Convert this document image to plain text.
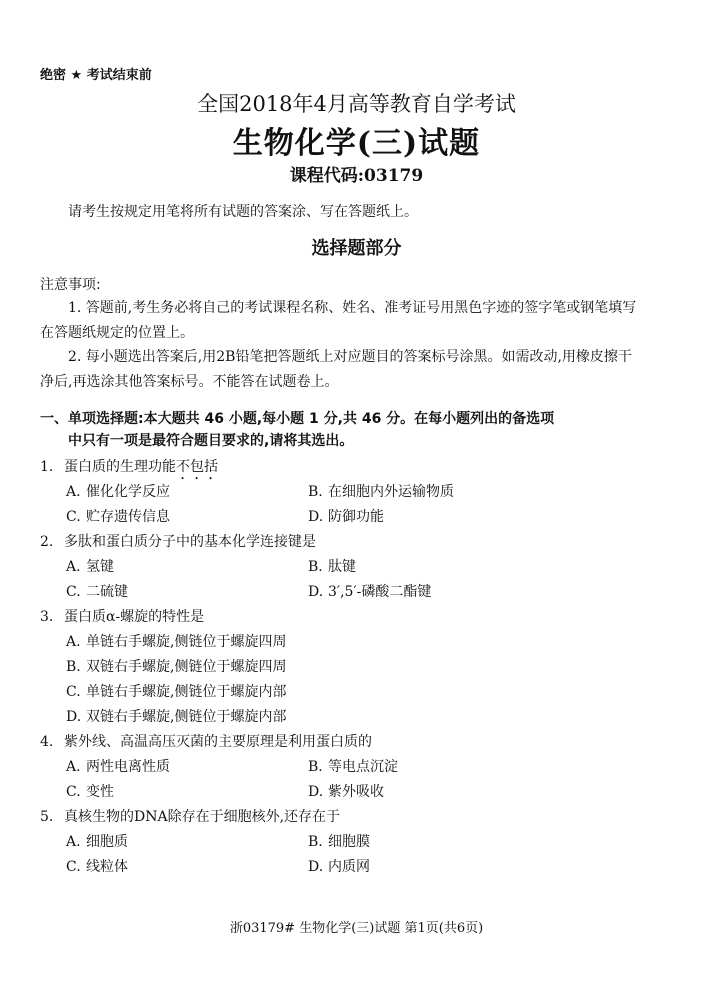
绝密 ★ 考试结束前
全国2018年4月高等教育自学考试
生物化学(三)试题
课程代码:03179
请考生按规定用笔将所有试题的答案涂、写在答题纸上。
选择题部分
注意事项:
1. 答题前,考生务必将自己的考试课程名称、姓名、准考证号用黑色字迹的签字笔或钢笔填写在答题纸规定的位置上。
2. 每小题选出答案后,用2B铅笔把答题纸上对应题目的答案标号涂黑。如需改动,用橡皮擦干净后,再选涂其他答案标号。不能答在试题卷上。
一、单项选择题:本大题共 46 小题,每小题 1 分,共 46 分。在每小题列出的备选项
中只有一项是最符合题目要求的,请将其选出。
1. 蛋白质的生理功能不包括
A. 催化化学反应	B. 在细胞内外运输物质
C. 贮存遗传信息	D. 防御功能
2. 多肽和蛋白质分子中的基本化学连接键是
A. 氢键	B. 肽键
C. 二硫键	D. 3′,5′-磷酸二酯键
3. 蛋白质α-螺旋的特性是
A. 单链右手螺旋,侧链位于螺旋四周
B. 双链右手螺旋,侧链位于螺旋四周
C. 单链右手螺旋,侧链位于螺旋内部
D. 双链右手螺旋,侧链位于螺旋内部
4. 紫外线、高温高压灭菌的主要原理是利用蛋白质的
A. 两性电离性质	B. 等电点沉淀
C. 变性	D. 紫外吸收
5. 真核生物的DNA除存在于细胞核外,还存在于
A. 细胞质	B. 细胞膜
C. 线粒体	D. 内质网
浙03179# 生物化学(三)试题 第1页(共6页)
